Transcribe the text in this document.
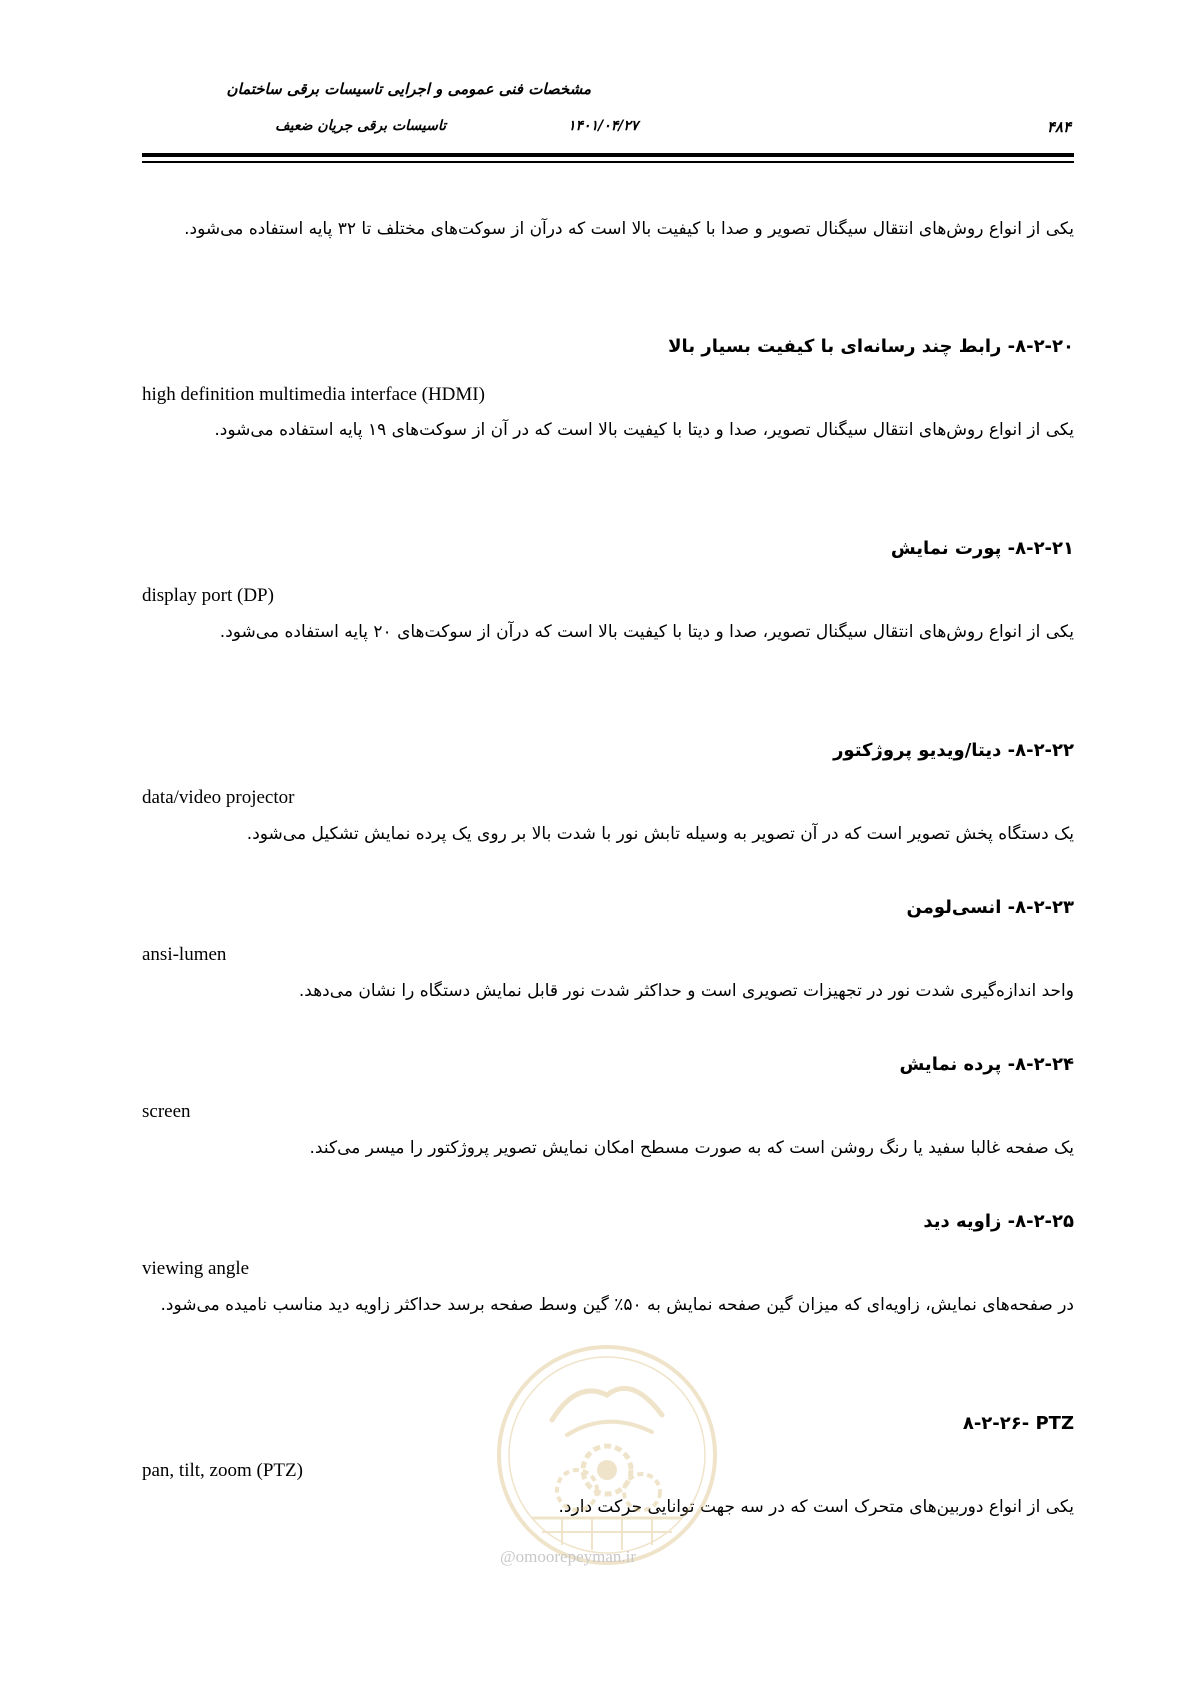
مشخصات فنی عمومی و اجرایی تاسیسات برقی ساختمان
تاسیسات برقی جریان ضعیف	۱۴۰۱/۰۴/۲۷	۴۸۴
یکی از انواع روش‌های انتقال سیگنال تصویر و صدا با کیفیت بالا است که درآن از سوکت‌های مختلف تا ۳۲ پایه استفاده می‌شود.
۸-۲-۲۰- رابط چند رسانه‌ای با کیفیت بسیار بالا
high definition multimedia interface (HDMI)
یکی از انواع روش‌های انتقال سیگنال تصویر، صدا و دیتا با کیفیت بالا است که در آن از سوکت‌های ۱۹ پایه استفاده می‌شود.
۸-۲-۲۱- پورت نمایش
display port (DP)
یکی از انواع روش‌های انتقال سیگنال تصویر، صدا و دیتا با کیفیت بالا است که درآن از سوکت‌های ۲۰ پایه استفاده می‌شود.
۸-۲-۲۲- دیتا/ویدیو پروژکتور
data/video projector
یک دستگاه پخش تصویر است که در آن تصویر به وسیله تابش نور با شدت بالا بر روی یک پرده نمایش تشکیل می‌شود.
۸-۲-۲۳- انسی‌لومن
ansi-lumen
واحد اندازه‌گیری شدت نور در تجهیزات تصویری است و حداکثر شدت نور قابل نمایش دستگاه را نشان می‌دهد.
۸-۲-۲۴- پرده نمایش
screen
یک صفحه غالبا سفید یا رنگ روشن است که به صورت مسطح امکان نمایش تصویر پروژکتور را میسر می‌کند.
۸-۲-۲۵- زاویه دید
viewing angle
در صفحه‌های نمایش، زاویه‌ای که میزان گین صفحه نمایش به ۵۰٪ گین وسط صفحه برسد حداکثر زاویه دید مناسب نامیده می‌شود.
۸-۲-۲۶- PTZ
pan, tilt, zoom (PTZ)
یکی از انواع دوربین‌های متحرک است که در سه جهت توانایی حرکت دارد.
@omoorepeyman.ir
